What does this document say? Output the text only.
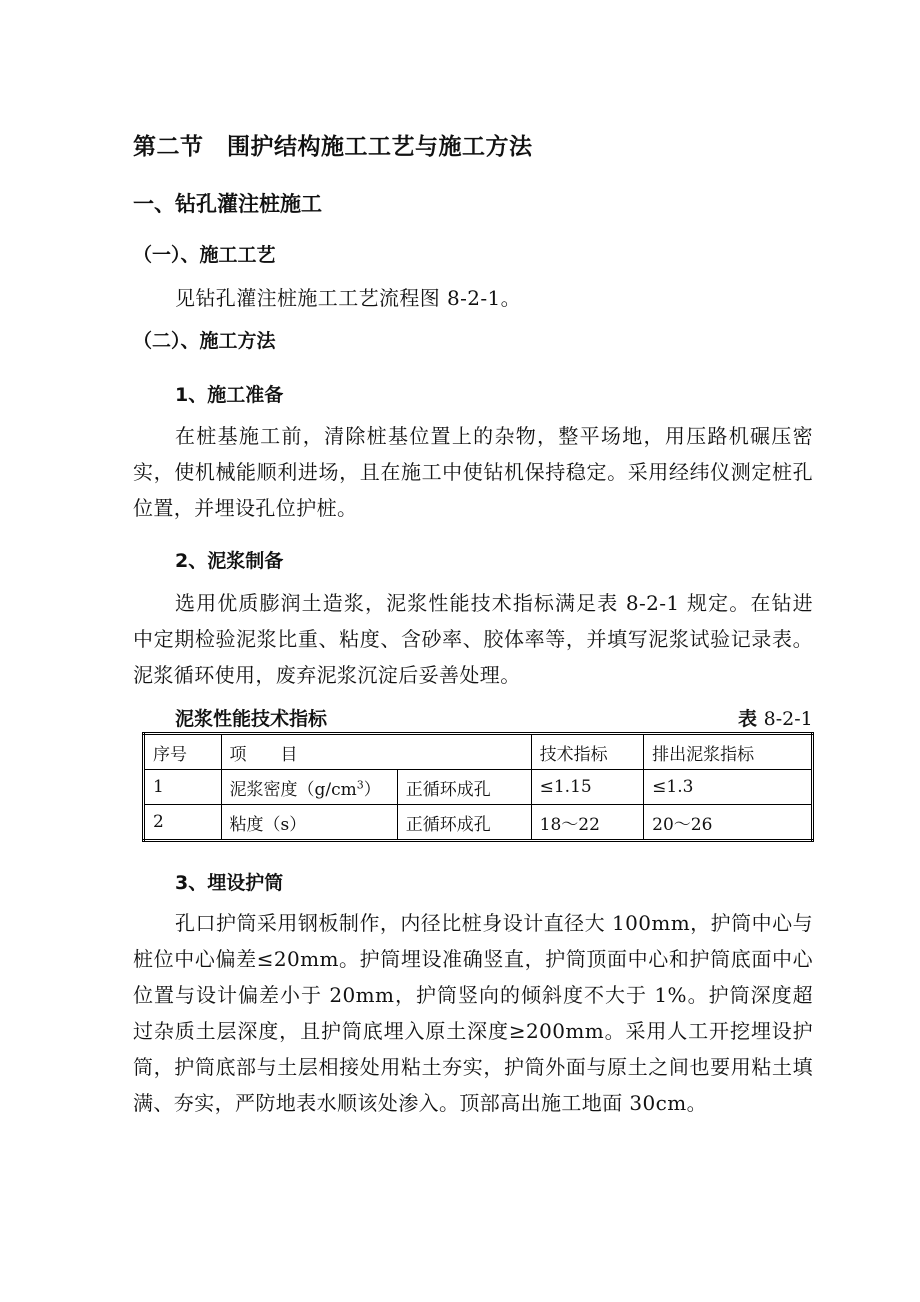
第二节　围护结构施工工艺与施工方法
一、钻孔灌注桩施工
（一）、施工工艺
见钻孔灌注桩施工工艺流程图 8-2-1。
（二）、施工方法
1、施工准备
在桩基施工前，清除桩基位置上的杂物，整平场地，用压路机碾压密实，使机械能顺利进场，且在施工中使钻机保持稳定。采用经纬仪测定桩孔位置，并埋设孔位护桩。
2、泥浆制备
选用优质膨润土造浆，泥浆性能技术指标满足表 8-2-1 规定。在钻进中定期检验泥浆比重、粘度、含砂率、胶体率等，并填写泥浆试验记录表。泥浆循环使用，废弃泥浆沉淀后妥善处理。
泥浆性能技术指标	表 8-2-1
序号	项　　目		技术指标	排出泥浆指标
1	泥浆密度$(g/cm^3)$	正循环成孔	≤1.15	≤1.3
2	粘度（s）	正循环成孔	18～22	20～26
3、埋设护筒
孔口护筒采用钢板制作，内径比桩身设计直径大 100mm，护筒中心与桩位中心偏差≤20mm。护筒埋设准确竖直，护筒顶面中心和护筒底面中心位置与设计偏差小于 20mm，护筒竖向的倾斜度不大于 1%。护筒深度超过杂质土层深度，且护筒底埋入原土深度≥200mm。采用人工开挖埋设护筒，护筒底部与土层相接处用粘土夯实，护筒外面与原土之间也要用粘土填满、夯实，严防地表水顺该处渗入。顶部高出施工地面 30cm。
